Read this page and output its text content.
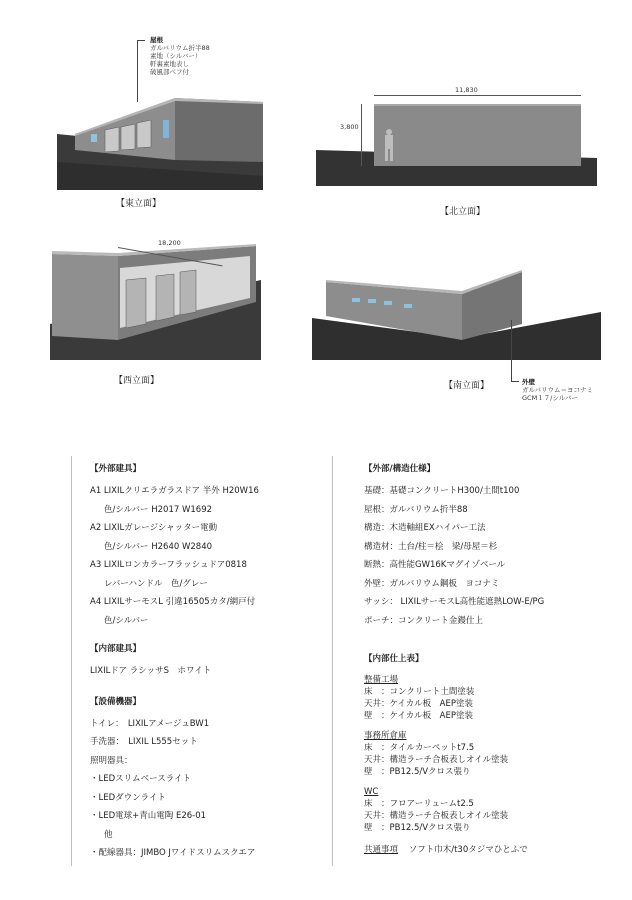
屋根
ガルバリウム折半88
素地（シルバー）
軒裏素地表し
破風部ベフ付
【東立面】
11,830
3,800
【北立面】
18,200
【西立面】	外壁
ガルバリウム＝ヨコナミ
GCM１７/シルバー
【南立面】
【外部建具】
A1 LIXILクリエラガラスドア 半外 H20W16
色/シルバー H2017 W1692
A2 LIXILガレージシャッター電動
色/シルバー H2640 W2840
A3 LIXILロンカラーフラッシュドア0818
レバーハンドル　色/グレー
A4 LIXILサーモスL 引違16505カタ/網戸付
色/シルバー
【内部建具】
LIXILドア ラシッサS　ホワイト
【設備機器】
トイレ：　LIXILアメージュBW1
手洗器：　LIXIL L555セット
照明器具：
・LEDスリムベースライト
・LEDダウンライト
・LED電球+青山電陶 E26-01
他
・配線器具：JIMBO Jワイドスリムスクエア
【外部/構造仕様】
基礎：基礎コンクリートH300/土間t100
屋根：ガルバリウム折半88
構造：木造軸組EXハイパー工法
構造材：土台/柱＝桧　梁/母屋＝杉
断熱：高性能GW16Kマグイゾベール
外壁：ガルバリウム鋼板　ヨコナミ
サッシ： LIXILサーモスL高性能遮熱LOW-E/PG
ポーチ：コンクリート金鏝仕上
【内部仕上表】
整備工場
床　：コンクリート土間塗装
天井：ケイカル板　AEP塗装
壁　：ケイカル板　AEP塗装
事務所倉庫
床　：タイルカーペットt7.5
天井：構造ラーチ合板表しオイル塗装
壁　：PB12.5/Vクロス張り
WC
床　：フロアーリュームt2.5
天井：構造ラーチ合板表しオイル塗装
壁　：PB12.5/Vクロス張り
共通事項 ソフト巾木/t30タジマひとふで
